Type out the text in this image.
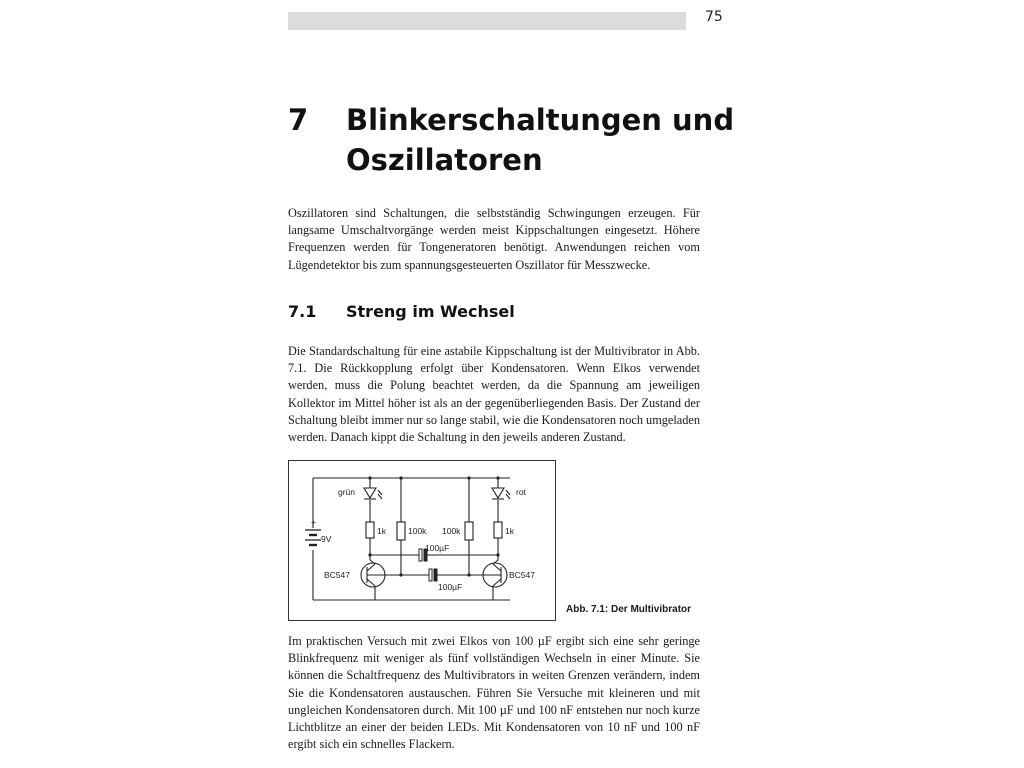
75
7 Blinkerschaltungen und Oszillatoren

Oszillatoren sind Schaltungen, die selbstständig Schwingungen erzeugen. Für langsame Umschaltvorgänge werden meist Kippschaltungen eingesetzt. Höhere Frequenzen werden für Tongeneratoren benötigt. Anwendungen reichen vom Lügendetektor bis zum spannungsgesteuerten Oszillator für Messzwecke.

7.1 Streng im Wechsel

Die Standardschaltung für eine astabile Kippschaltung ist der Multivibrator in Abb. 7.1. Die Rückkopplung erfolgt über Kondensatoren. Wenn Elkos verwendet werden, muss die Polung beachtet werden, da die Spannung am jeweiligen Kollektor im Mittel höher ist als an der gegenüberliegenden Basis. Der Zustand der Schaltung bleibt immer nur so lange stabil, wie die Kondensatoren noch umgeladen werden. Danach kippt die Schaltung in den jeweils anderen Zustand.

+
9V
grün	rot
1k	100k 100k	1k
100µF
100µF
BC547	BC547
Abb. 7.1: Der Multivibrator

Im praktischen Versuch mit zwei Elkos von 100 µF ergibt sich eine sehr geringe Blinkfrequenz mit weniger als fünf vollständigen Wechseln in einer Minute. Sie können die Schaltfrequenz des Multivibrators in weiten Grenzen verändern, indem Sie die Kondensatoren austauschen. Führen Sie Versuche mit kleineren und mit ungleichen Kondensatoren durch. Mit 100 µF und 100 nF entstehen nur noch kurze Lichtblitze an einer der beiden LEDs. Mit Kondensatoren von 10 nF und 100 nF ergibt sich ein schnelles Flackern.
